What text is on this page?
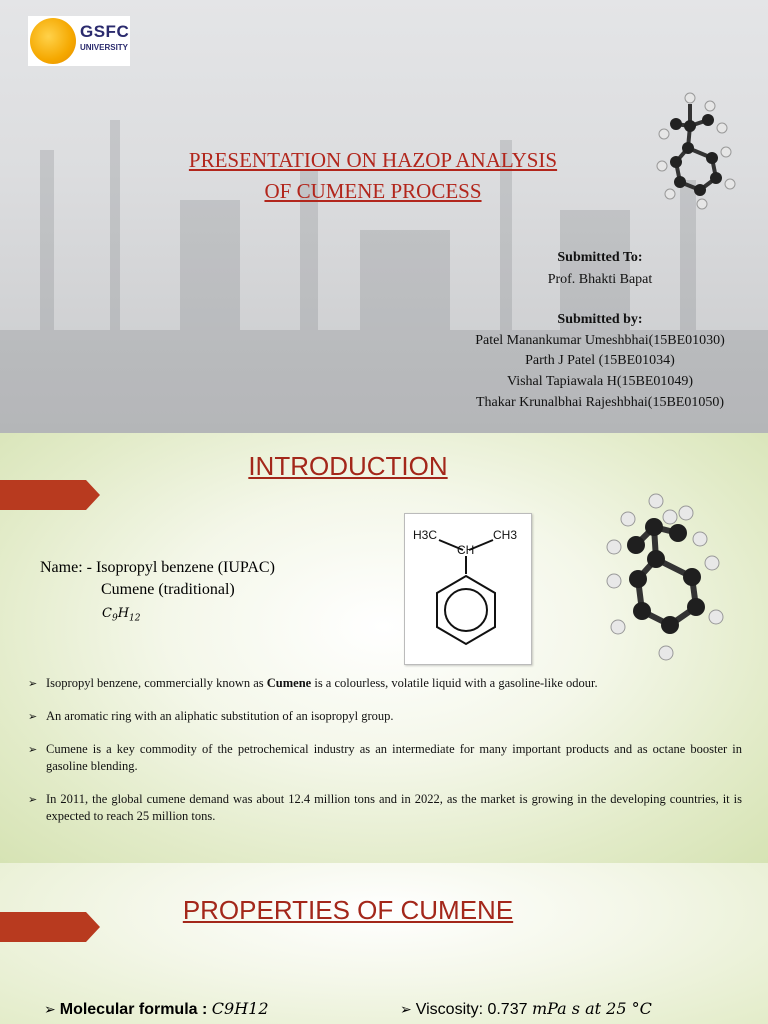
GSFC
UNIVERSITY
PRESENTATION ON HAZOP ANALYSIS
OF CUMENE PROCESS
Submitted To:
Prof. Bhakti Bapat
Submitted by:
Patel Manankumar Umeshbhai(15BE01030)
Parth J Patel (15BE01034)
Vishal Tapiawala H(15BE01049)
Thakar Krunalbhai Rajeshbhai(15BE01050)
INTRODUCTION
Name: - Isopropyl benzene (IUPAC)
Cumene (traditional)
$C_9H_{12}$
H3C
CH
CH3
➢ Isopropyl benzene, commercially known as Cumene is a colourless, volatile liquid with a gasoline-like odour.
➢ An aromatic ring with an aliphatic substitution of an isopropyl group.
➢ Cumene is a key commodity of the petrochemical industry as an intermediate for many important products and as octane booster in gasoline blending.
➢ In 2011, the global cumene demand was about 12.4 million tons and in 2022, as the market is growing in the developing countries, it is expected to reach 25 million tons.
PROPERTIES OF CUMENE
➢ Molecular formula : C9H12	➢ Viscosity: 0.737 mPa s at 25 °C
